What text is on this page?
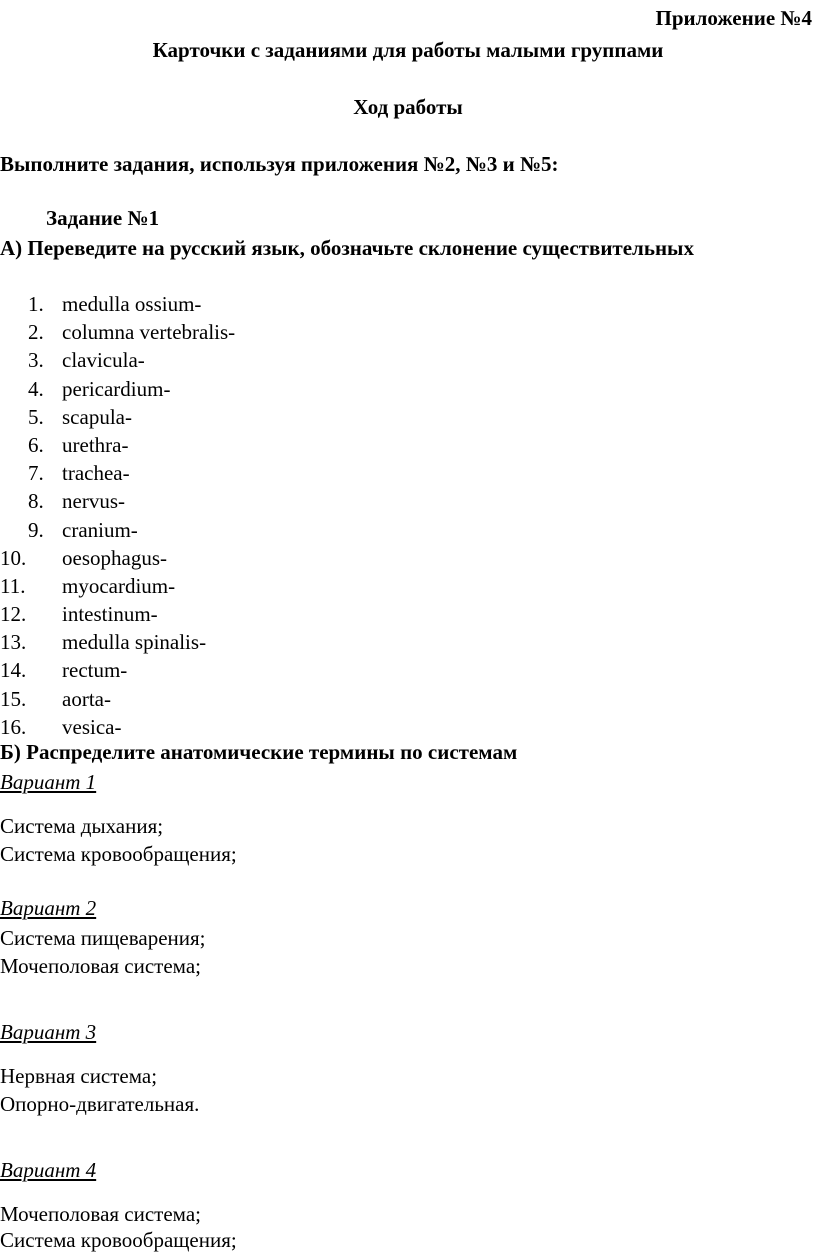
Приложение №4
Карточки с заданиями для работы малыми группами
Ход работы
Выполните задания, используя приложения №2, №3 и №5:
Задание №1
А) Переведите на русский язык, обозначьте склонение существительных
1. medulla ossium-
2. columna vertebralis-
3. clavicula-
4. pericardium-
5. scapula-
6. urethra-
7. trachea-
8. nervus-
9. cranium-
10. oesophagus-
11. myocardium-
12. intestinum-
13. medulla spinalis-
14. rectum-
15. aorta-
16. vesica-
Б) Распределите анатомические термины по системам
Вариант 1
Система дыхания;
Система кровообращения;
Вариант 2
Система пищеварения;
Мочеполовая система;
Вариант 3
Нервная система;
Опорно-двигательная.
Вариант 4
Мочеполовая система;
Система кровообращения;
